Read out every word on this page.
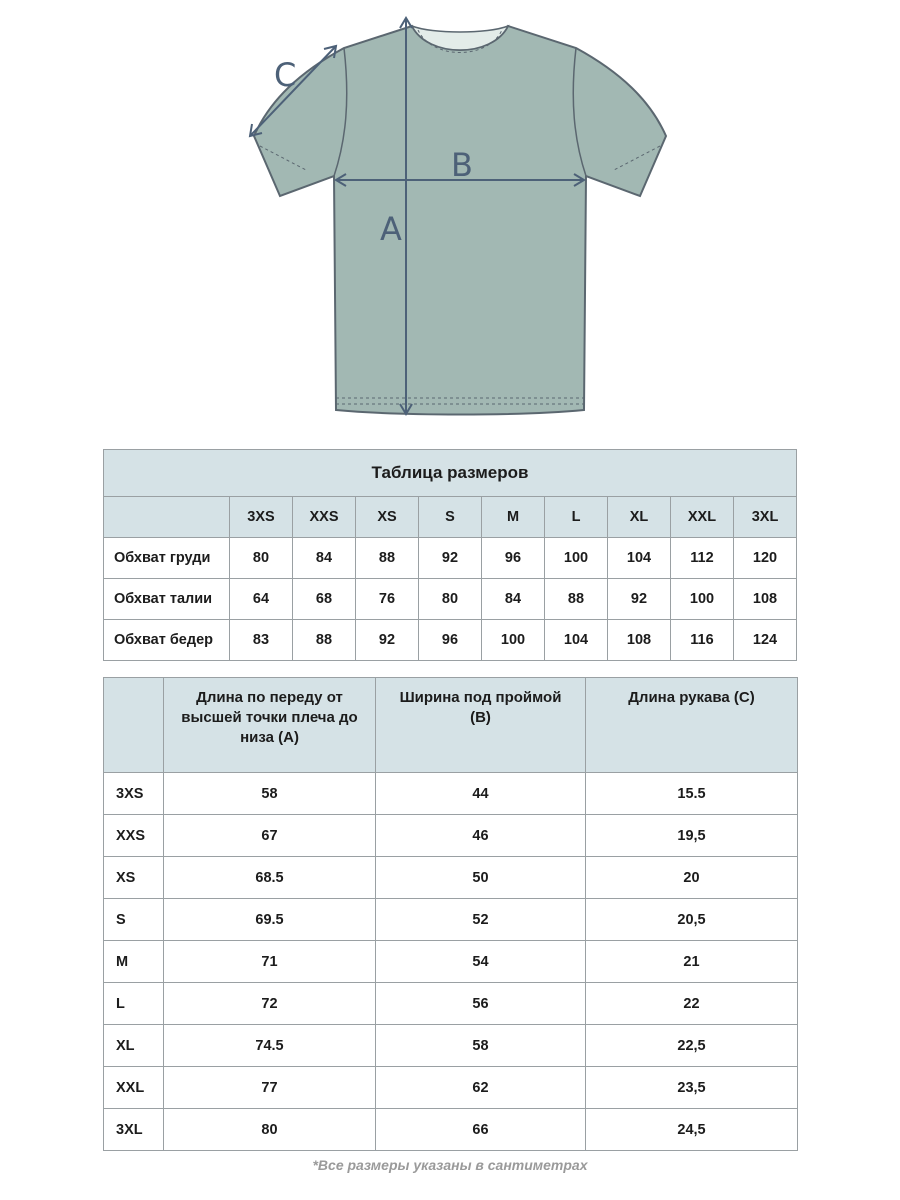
A
B
C
Таблица размеров									
	3XS	XXS	XS	S	M	L	XL	XXL	3XL
Обхват груди	80	84	88	92	96	100	104	112	120
Обхват талии	64	68	76	80	84	88	92	100	108
Обхват бедер	83	88	92	96	100	104	108	116	124
	Длина по переду от высшей точки плеча до низа (А)	Ширина под проймой (В)	Длина рукава (С)
3XS	58	44	15.5
XXS	67	46	19,5
XS	68.5	50	20
S	69.5	52	20,5
M	71	54	21
L	72	56	22
XL	74.5	58	22,5
XXL	77	62	23,5
3XL	80	66	24,5
*Все размеры указаны в сантиметрах
